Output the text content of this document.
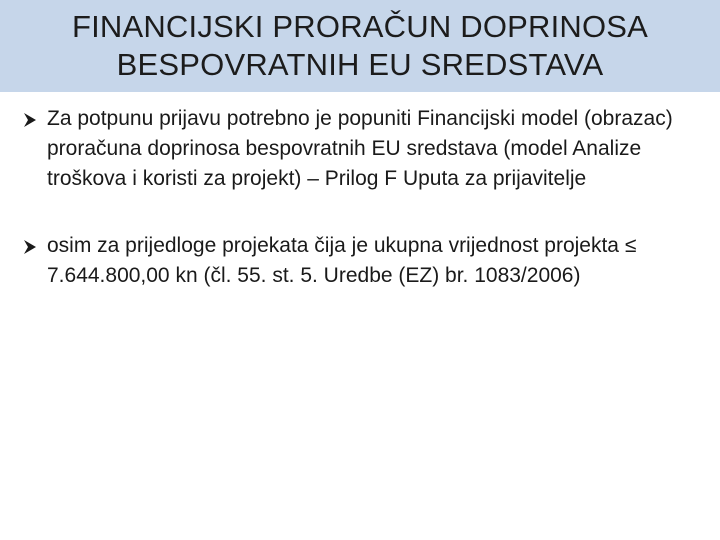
FINANCIJSKI PRORAČUN DOPRINOSA
BESPOVRATNIH EU SREDSTAVA
Za potpunu prijavu potrebno je popuniti Financijski model (obrazac) proračuna doprinosa bespovratnih EU sredstava (model Analize troškova i koristi za projekt) – Prilog F Uputa za prijavitelje
osim za prijedloge projekata čija je ukupna vrijednost projekta ≤ 7.644.800,00 kn (čl. 55. st. 5. Uredbe (EZ) br. 1083/2006)
